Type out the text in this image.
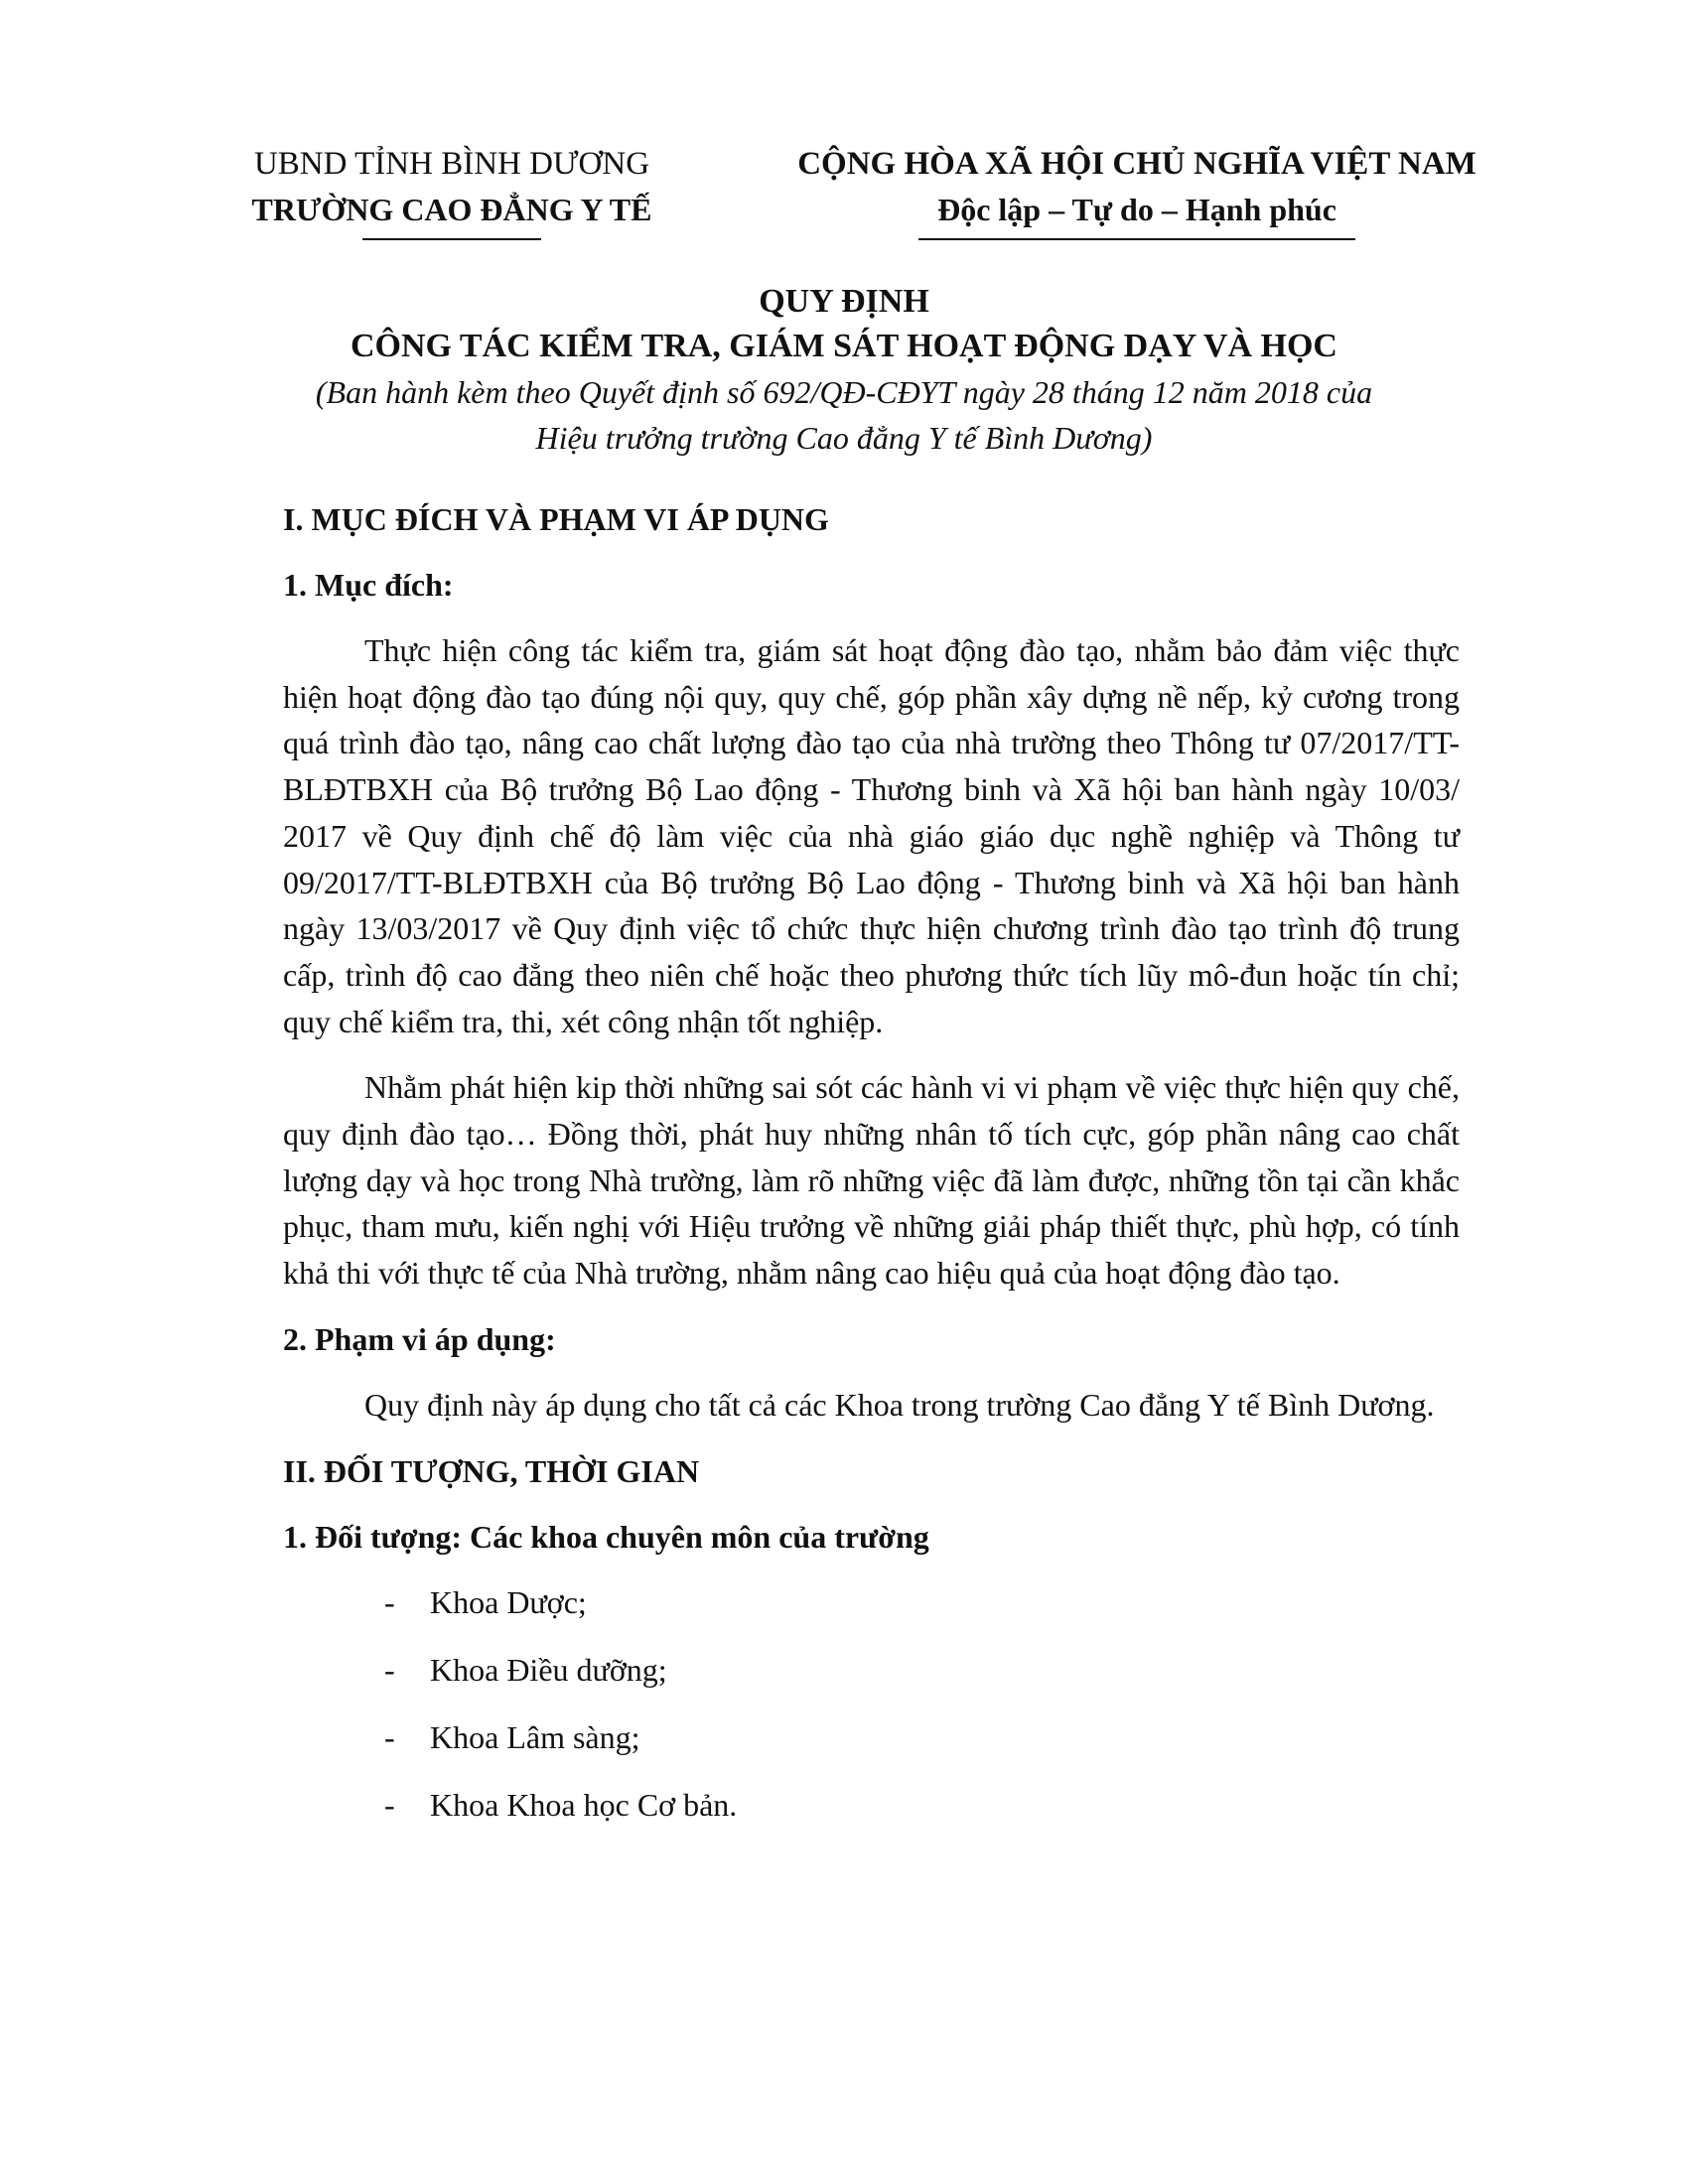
UBND TỈNH BÌNH DƯƠNG
TRƯỜNG CAO ĐẲNG Y TẾ
CỘNG HÒA XÃ HỘI CHỦ NGHĨA VIỆT NAM
Độc lập – Tự do – Hạnh phúc
QUY ĐỊNH
CÔNG TÁC KIỂM TRA, GIÁM SÁT HOẠT ĐỘNG DẠY VÀ HỌC
(Ban hành kèm theo Quyết định số 692/QĐ-CĐYT ngày 28 tháng 12 năm 2018 của
Hiệu trưởng trường Cao đẳng Y tế Bình Dương)

I. MỤC ĐÍCH VÀ PHẠM VI ÁP DỤNG

1. Mục đích:

Thực hiện công tác kiểm tra, giám sát hoạt động đào tạo, nhằm bảo đảm việc thực hiện hoạt động đào tạo đúng nội quy, quy chế, góp phần xây dựng nề nếp, kỷ cương trong quá trình đào tạo, nâng cao chất lượng đào tạo của nhà trường theo Thông tư 07/2017/TT-BLĐTBXH của Bộ trưởng Bộ Lao động - Thương binh và Xã hội ban hành ngày 10/03/ 2017 về Quy định chế độ làm việc của nhà giáo giáo dục nghề nghiệp và Thông tư 09/2017/TT-BLĐTBXH của Bộ trưởng Bộ Lao động - Thương binh và Xã hội ban hành ngày 13/03/2017 về Quy định việc tổ chức thực hiện chương trình đào tạo trình độ trung cấp, trình độ cao đẳng theo niên chế hoặc theo phương thức tích lũy mô-đun hoặc tín chỉ; quy chế kiểm tra, thi, xét công nhận tốt nghiệp.

Nhằm phát hiện kip thời những sai sót các hành vi vi phạm về việc thực hiện quy chế, quy định đào tạo… Đồng thời, phát huy những nhân tố tích cực, góp phần nâng cao chất lượng dạy và học trong Nhà trường, làm rõ những việc đã làm được, những tồn tại cần khắc phục, tham mưu, kiến nghị với Hiệu trưởng về những giải pháp thiết thực, phù hợp, có tính khả thi với thực tế của Nhà trường, nhằm nâng cao hiệu quả của hoạt động đào tạo.

2. Phạm vi áp dụng:

Quy định này áp dụng cho tất cả các Khoa trong trường Cao đẳng Y tế Bình Dương.

II. ĐỐI TƯỢNG, THỜI GIAN

1. Đối tượng: Các khoa chuyên môn của trường

- Khoa Dược;
- Khoa Điều dưỡng;
- Khoa Lâm sàng;
- Khoa Khoa học Cơ bản.
